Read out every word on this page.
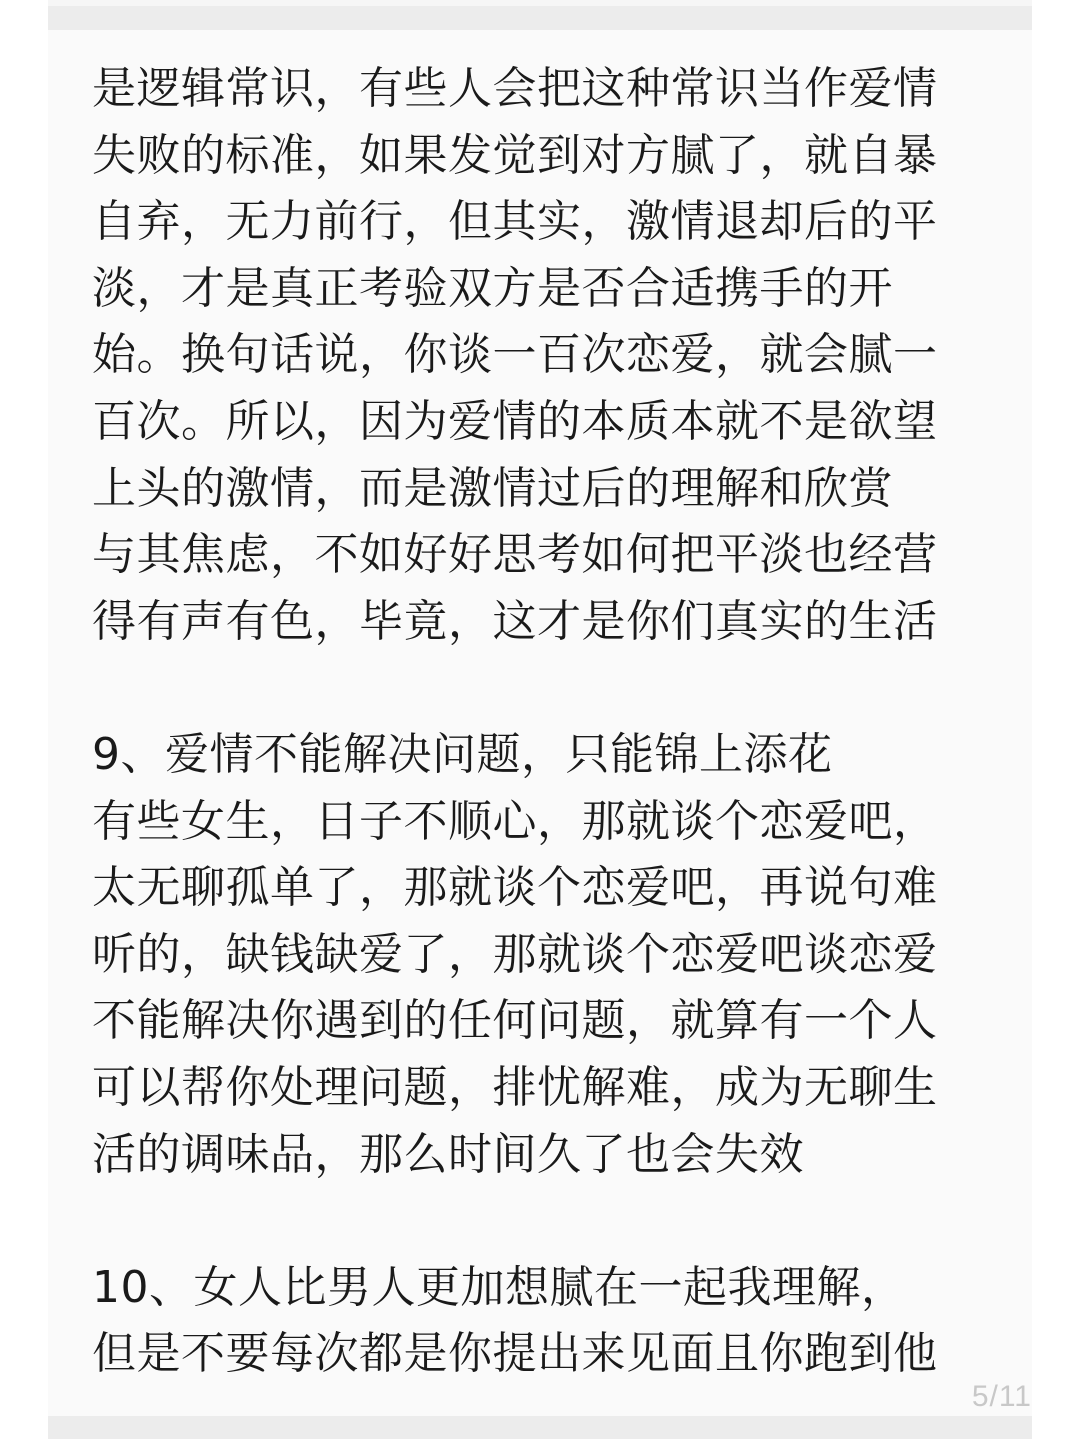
是逻辑常识，有些人会把这种常识当作爱情
失败的标准，如果发觉到对方腻了，就自暴
自弃，无力前行，但其实，激情退却后的平
淡，才是真正考验双方是否合适携手的开
始。换句话说，你谈一百次恋爱，就会腻一
百次。所以，因为爱情的本质本就不是欲望
上头的激情，而是激情过后的理解和欣赏
与其焦虑，不如好好思考如何把平淡也经营
得有声有色，毕竟，这才是你们真实的生活
9、爱情不能解决问题，只能锦上添花
有些女生，日子不顺心，那就谈个恋爱吧，
太无聊孤单了，那就谈个恋爱吧，再说句难
听的，缺钱缺爱了，那就谈个恋爱吧谈恋爱
不能解决你遇到的任何问题，就算有一个人
可以帮你处理问题，排忧解难，成为无聊生
活的调味品，那么时间久了也会失效
10、女人比男人更加想腻在一起我理解，
但是不要每次都是你提出来见面且你跑到他
5/11
